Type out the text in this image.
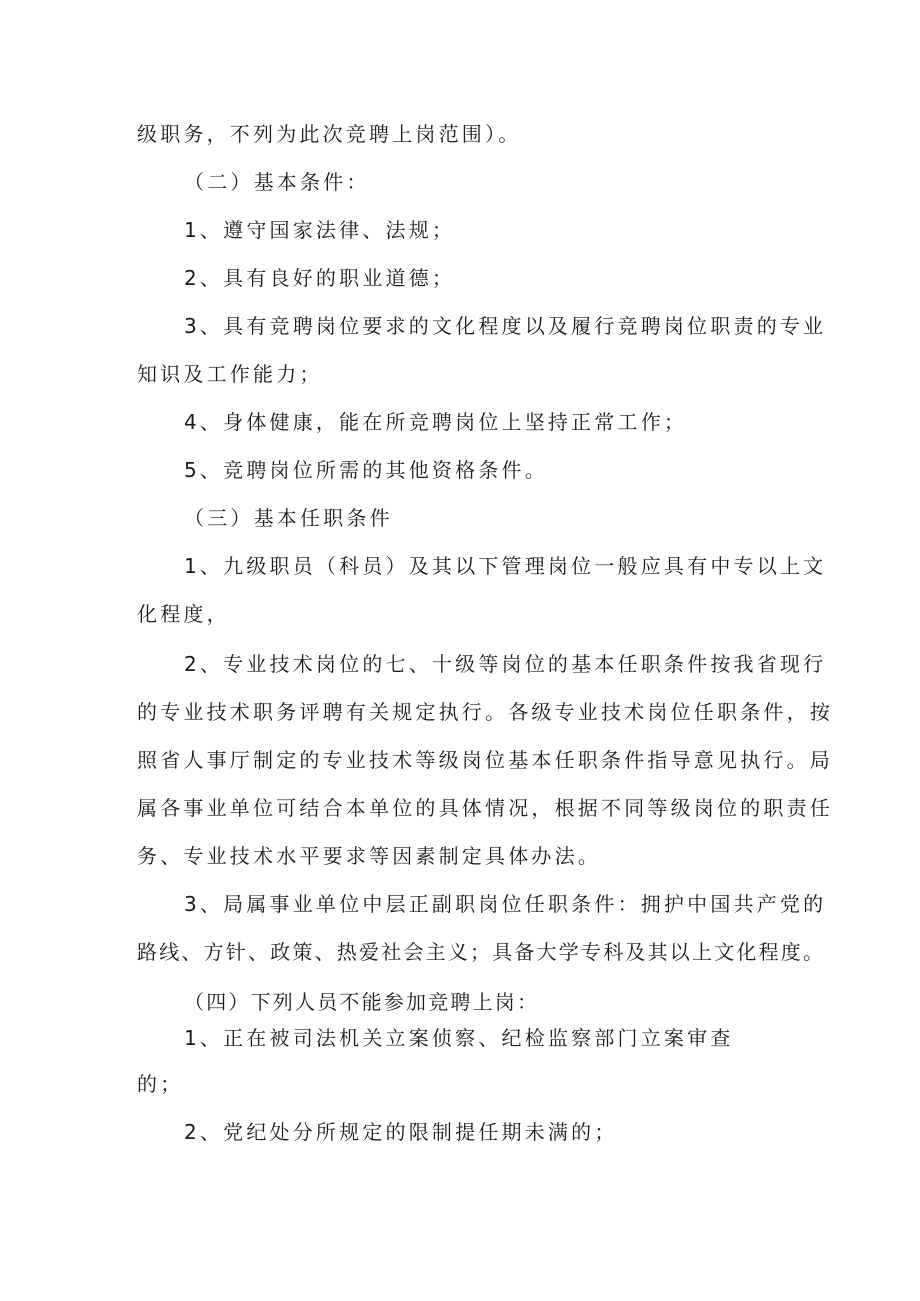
级职务，不列为此次竞聘上岗范围）。
（二）基本条件：
1、遵守国家法律、法规；
2、具有良好的职业道德；
3、具有竞聘岗位要求的文化程度以及履行竞聘岗位职责的专业
知识及工作能力；
4、身体健康，能在所竞聘岗位上坚持正常工作；
5、竞聘岗位所需的其他资格条件。
（三）基本任职条件
1、九级职员（科员）及其以下管理岗位一般应具有中专以上文
化程度，
2、专业技术岗位的七、十级等岗位的基本任职条件按我省现行
的专业技术职务评聘有关规定执行。各级专业技术岗位任职条件，按
照省人事厅制定的专业技术等级岗位基本任职条件指导意见执行。局
属各事业单位可结合本单位的具体情况，根据不同等级岗位的职责任
务、专业技术水平要求等因素制定具体办法。
3、局属事业单位中层正副职岗位任职条件：拥护中国共产党的
路线、方针、政策、热爱社会主义；具备大学专科及其以上文化程度。
（四）下列人员不能参加竞聘上岗：
1、正在被司法机关立案侦察、纪检监察部门立案审查
的；
2、党纪处分所规定的限制提任期未满的；
